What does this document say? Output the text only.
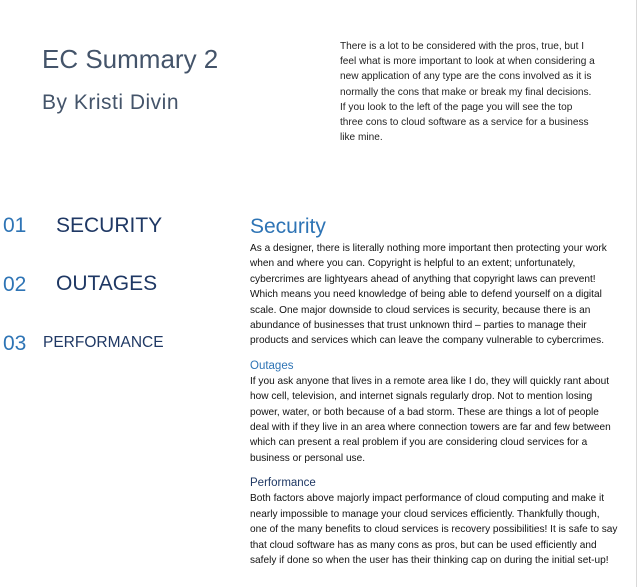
EC Summary 2
By Kristi Divin

There is a lot to be considered with the pros, true, but I

feel what is more important to look at when considering a

new application of any type are the cons involved as it is

normally the cons that make or break my final decisions.

If you look to the left of the page you will see the top

three cons to cloud software as a service for a business

like mine.

01 SECURITY
02 OUTAGES
03 PERFORMANCE
Security
As a designer, there is literally nothing more important then protecting your work
when and where you can. Copyright is helpful to an extent; unfortunately,
cybercrimes are lightyears ahead of anything that copyright laws can prevent!
Which means you need knowledge of being able to defend yourself on a digital
scale. One major downside to cloud services is security, because there is an
abundance of businesses that trust unknown third – parties to manage their
products and services which can leave the company vulnerable to cybercrimes.
Outages
If you ask anyone that lives in a remote area like I do, they will quickly rant about
how cell, television, and internet signals regularly drop. Not to mention losing
power, water, or both because of a bad storm. These are things a lot of people
deal with if they live in an area where connection towers are far and few between
which can present a real problem if you are considering cloud services for a
business or personal use.
Performance
Both factors above majorly impact performance of cloud computing and make it
nearly impossible to manage your cloud services efficiently. Thankfully though,
one of the many benefits to cloud services is recovery possibilities! It is safe to say
that cloud software has as many cons as pros, but can be used efficiently and
safely if done so when the user has their thinking cap on during the initial set-up!
